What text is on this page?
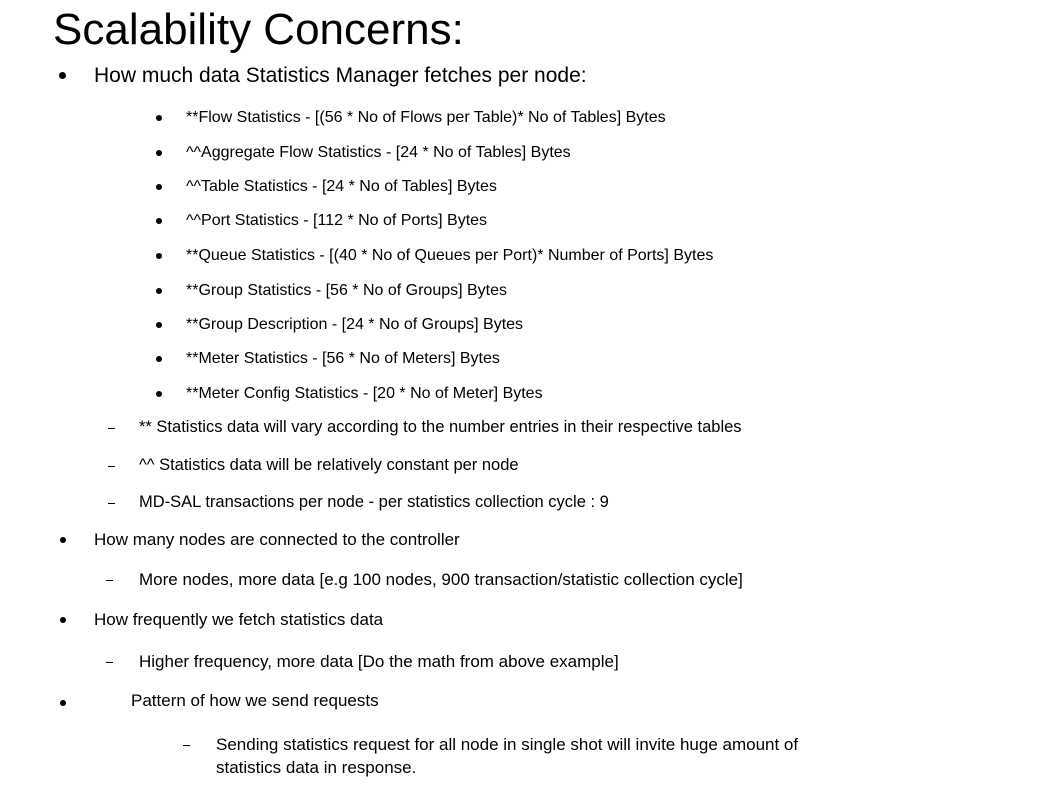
Scalability Concerns:
How much data Statistics Manager fetches per node:
**Flow Statistics - [(56 * No of Flows per Table)* No of Tables] Bytes
^^Aggregate Flow Statistics - [24 * No of Tables] Bytes
^^Table Statistics - [24 * No of Tables] Bytes
^^Port Statistics - [112 * No of Ports] Bytes
**Queue Statistics - [(40 * No of Queues per Port)* Number of Ports] Bytes
**Group Statistics - [56 * No of Groups] Bytes
**Group Description - [24 * No of Groups] Bytes
**Meter Statistics - [56 * No of Meters] Bytes
**Meter Config Statistics - [20 * No of Meter] Bytes
** Statistics data will vary according to the number entries in their respective tables
^^ Statistics data will be relatively constant per node
MD-SAL transactions per node - per statistics collection cycle : 9
How many nodes are connected to the controller
More nodes, more data [e.g 100 nodes, 900 transaction/statistic collection cycle]
How frequently we fetch statistics data
Higher frequency, more data [Do the math from above example]
Pattern of how we send requests
Sending statistics request for all node in single shot will invite huge amount of
statistics data in response.
